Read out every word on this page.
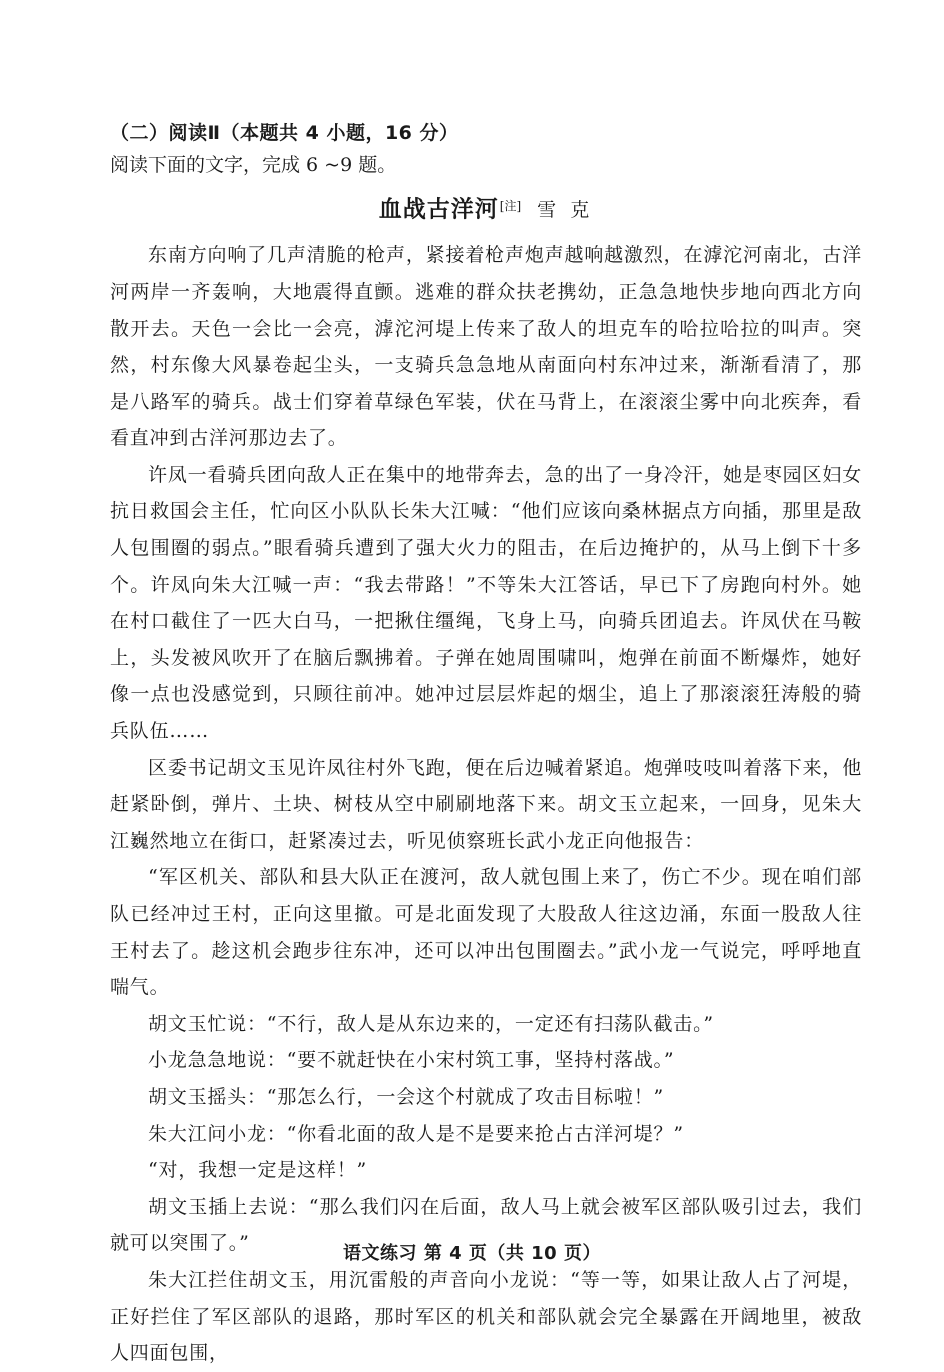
（二）阅读Ⅱ（本题共 4 小题，16 分）

阅读下面的文字，完成 6 ~9 题。

血战古洋河[注] 雪 克

东南方向响了几声清脆的枪声，紧接着枪声炮声越响越激烈，在滹沱河南北，古洋河两岸一齐轰响，大地震得直颤。逃难的群众扶老携幼，正急急地快步地向西北方向散开去。天色一会比一会亮，滹沱河堤上传来了敌人的坦克车的哈拉哈拉的叫声。突然，村东像大风暴卷起尘头，一支骑兵急急地从南面向村东冲过来，渐渐看清了，那是八路军的骑兵。战士们穿着草绿色军装，伏在马背上，在滚滚尘雾中向北疾奔，看看直冲到古洋河那边去了。

许凤一看骑兵团向敌人正在集中的地带奔去，急的出了一身冷汗，她是枣园区妇女抗日救国会主任，忙向区小队队长朱大江喊：“他们应该向桑林据点方向插，那里是敌人包围圈的弱点。”眼看骑兵遭到了强大火力的阻击，在后边掩护的，从马上倒下十多个。许凤向朱大江喊一声：“我去带路！”不等朱大江答话，早已下了房跑向村外。她在村口截住了一匹大白马，一把揪住缰绳，飞身上马，向骑兵团追去。许凤伏在马鞍上，头发被风吹开了在脑后飘拂着。子弹在她周围啸叫，炮弹在前面不断爆炸，她好像一点也没感觉到，只顾往前冲。她冲过层层炸起的烟尘，追上了那滚滚狂涛般的骑兵队伍……

区委书记胡文玉见许凤往村外飞跑，便在后边喊着紧追。炮弹吱吱叫着落下来，他赶紧卧倒，弹片、土块、树枝从空中刷刷地落下来。胡文玉立起来，一回身，见朱大江巍然地立在街口，赶紧凑过去，听见侦察班长武小龙正向他报告：

“军区机关、部队和县大队正在渡河，敌人就包围上来了，伤亡不少。现在咱们部队已经冲过王村，正向这里撤。可是北面发现了大股敌人往这边涌，东面一股敌人往王村去了。趁这机会跑步往东冲，还可以冲出包围圈去。”武小龙一气说完，呼呼地直喘气。

胡文玉忙说：“不行，敌人是从东边来的，一定还有扫荡队截击。”

小龙急急地说：“要不就赶快在小宋村筑工事，坚持村落战。”

胡文玉摇头：“那怎么行，一会这个村就成了攻击目标啦！”

朱大江问小龙：“你看北面的敌人是不是要来抢占古洋河堤？”

“对，我想一定是这样！”

胡文玉插上去说：“那么我们闪在后面，敌人马上就会被军区部队吸引过去，我们就可以突围了。”

朱大江拦住胡文玉，用沉雷般的声音向小龙说：“等一等，如果让敌人占了河堤，正好拦住了军区部队的退路，那时军区的机关和部队就会完全暴露在开阔地里，被敌人四面包围，

语文练习 第 4 页（共 10 页）
